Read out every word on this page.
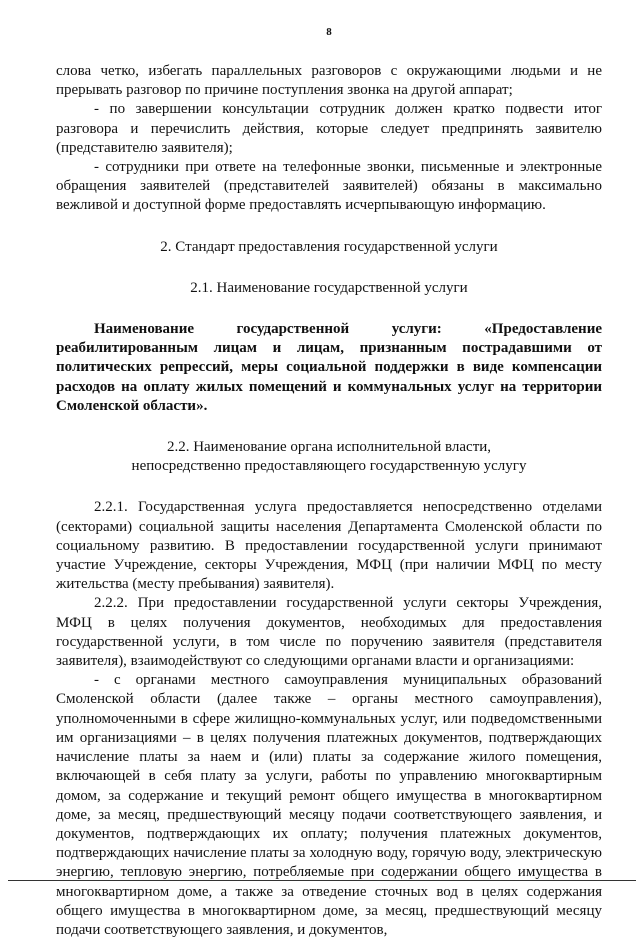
8

слова четко, избегать параллельных разговоров с окружающими людьми и не прерывать разговор по причине поступления звонка на другой аппарат;

- по завершении консультации сотрудник должен кратко подвести итог разговора и перечислить действия, которые следует предпринять заявителю (представителю заявителя);

- сотрудники при ответе на телефонные звонки, письменные и электронные обращения заявителей (представителей заявителей) обязаны в максимально вежливой и доступной форме предоставлять исчерпывающую информацию.

2. Стандарт предоставления государственной услуги

2.1. Наименование государственной услуги

Наименование государственной услуги: «Предоставление реабилитированным лицам и лицам, признанным пострадавшими от политических репрессий, меры социальной поддержки в виде компенсации расходов на оплату жилых помещений и коммунальных услуг на территории Смоленской области».

2.2. Наименование органа исполнительной власти,

непосредственно предоставляющего государственную услугу

2.2.1. Государственная услуга предоставляется непосредственно отделами (секторами) социальной защиты населения Департамента Смоленской области по социальному развитию. В предоставлении государственной услуги принимают участие Учреждение, секторы Учреждения, МФЦ (при наличии МФЦ по месту жительства (месту пребывания) заявителя).

2.2.2. При предоставлении государственной услуги секторы Учреждения, МФЦ в целях получения документов, необходимых для предоставления государственной услуги, в том числе по поручению заявителя (представителя заявителя), взаимодействуют со следующими органами власти и организациями:

- с органами местного самоуправления муниципальных образований Смоленской области (далее также – органы местного самоуправления), уполномоченными в сфере жилищно-коммунальных услуг, или подведомственными им организациями – в целях получения платежных документов, подтверждающих начисление платы за наем и (или) платы за содержание жилого помещения, включающей в себя плату за услуги, работы по управлению многоквартирным домом, за содержание и текущий ремонт общего имущества в многоквартирном доме, за месяц, предшествующий месяцу подачи соответствующего заявления, и документов, подтверждающих их оплату; получения платежных документов, подтверждающих начисление платы за холодную воду, горячую воду, электрическую энергию, тепловую энергию, потребляемые при содержании общего имущества в многоквартирном доме, а также за отведение сточных вод в целях содержания общего имущества в многоквартирном доме, за месяц, предшествующий месяцу подачи соответствующего заявления, и документов,
